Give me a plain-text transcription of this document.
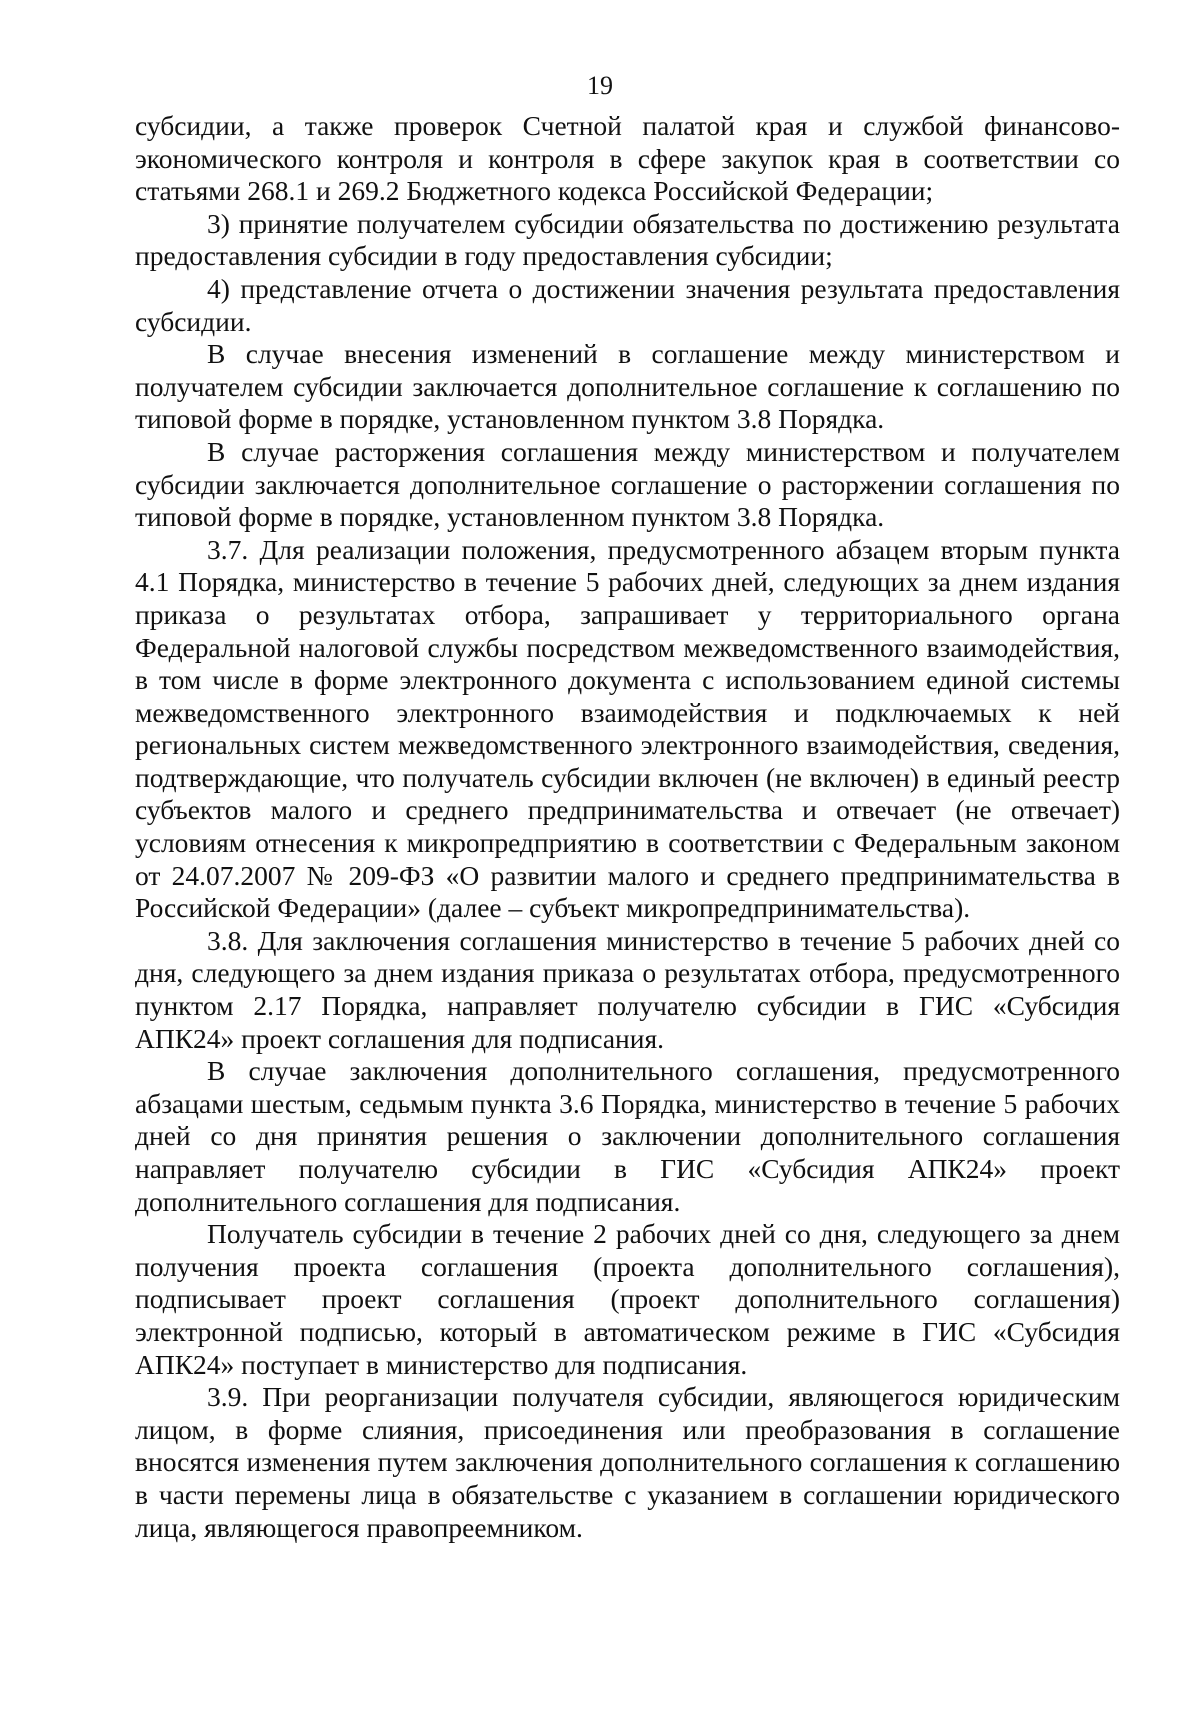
19

субсидии, а также проверок Счетной палатой края и службой финансово-экономического контроля и контроля в сфере закупок края в соответствии со статьями 268.1 и 269.2 Бюджетного кодекса Российской Федерации;

3) принятие получателем субсидии обязательства по достижению результата предоставления субсидии в году предоставления субсидии;

4) представление отчета о достижении значения результата предоставления субсидии.

В случае внесения изменений в соглашение между министерством и получателем субсидии заключается дополнительное соглашение к соглашению по типовой форме в порядке, установленном пунктом 3.8 Порядка.

В случае расторжения соглашения между министерством и получателем субсидии заключается дополнительное соглашение о расторжении соглашения по типовой форме в порядке, установленном пунктом 3.8 Порядка.

3.7. Для реализации положения, предусмотренного абзацем вторым пункта 4.1 Порядка, министерство в течение 5 рабочих дней, следующих за днем издания приказа о результатах отбора, запрашивает у территориального органа Федеральной налоговой службы посредством межведомственного взаимодействия, в том числе в форме электронного документа с использованием единой системы межведомственного электронного взаимодействия и подключаемых к ней региональных систем межведомственного электронного взаимодействия, сведения, подтверждающие, что получатель субсидии включен (не включен) в единый реестр субъектов малого и среднего предпринимательства и отвечает (не отвечает) условиям отнесения к микропредприятию в соответствии с Федеральным законом от 24.07.2007 № 209-ФЗ «О развитии малого и среднего предпринимательства в Российской Федерации» (далее – субъект микропредпринимательства).

3.8. Для заключения соглашения министерство в течение 5 рабочих дней со дня, следующего за днем издания приказа о результатах отбора, предусмотренного пунктом 2.17 Порядка, направляет получателю субсидии в ГИС «Субсидия АПК24» проект соглашения для подписания.

В случае заключения дополнительного соглашения, предусмотренного абзацами шестым, седьмым пункта 3.6 Порядка, министерство в течение 5 рабочих дней со дня принятия решения о заключении дополнительного соглашения направляет получателю субсидии в ГИС «Субсидия АПК24» проект дополнительного соглашения для подписания.

Получатель субсидии в течение 2 рабочих дней со дня, следующего за днем получения проекта соглашения (проекта дополнительного соглашения), подписывает проект соглашения (проект дополнительного соглашения) электронной подписью, который в автоматическом режиме в ГИС «Субсидия АПК24» поступает в министерство для подписания.

3.9. При реорганизации получателя субсидии, являющегося юридическим лицом, в форме слияния, присоединения или преобразования в соглашение вносятся изменения путем заключения дополнительного соглашения к соглашению в части перемены лица в обязательстве с указанием в соглашении юридического лица, являющегося правопреемником.
